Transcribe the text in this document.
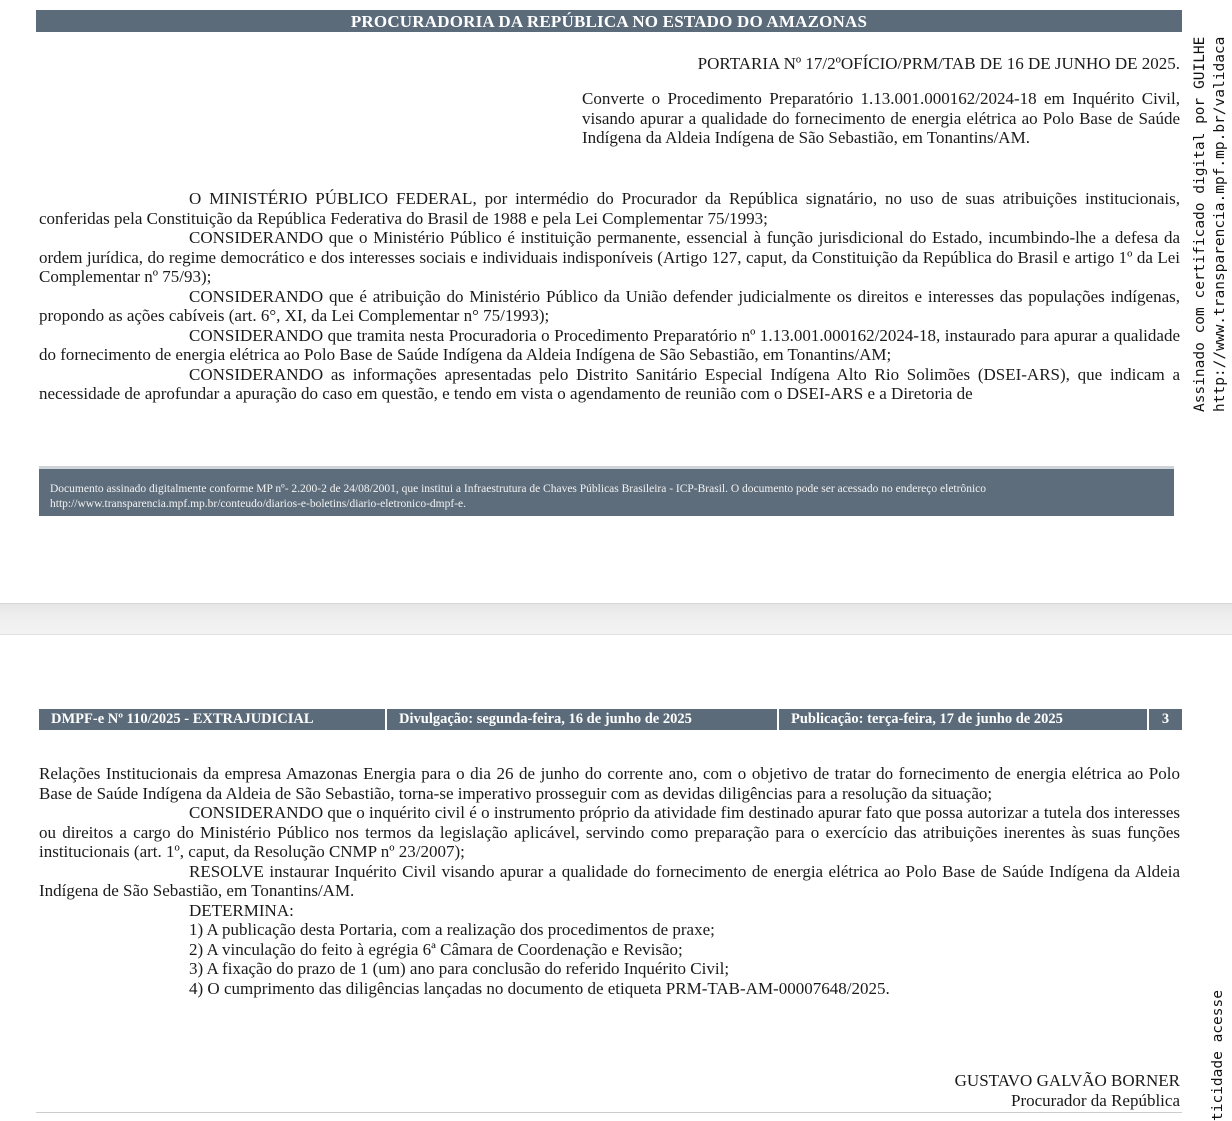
PROCURADORIA DA REPÚBLICA NO ESTADO DO AMAZONAS
PORTARIA Nº 17/2ºOFÍCIO/PRM/TAB DE 16 DE JUNHO DE 2025.

Converte o Procedimento Preparatório 1.13.001.000162/2024-18 em Inquérito Civil, visando apurar a qualidade do fornecimento de energia elétrica ao Polo Base de Saúde Indígena da Aldeia Indígena de São Sebastião, em Tonantins/AM.

O MINISTÉRIO PÚBLICO FEDERAL, por intermédio do Procurador da República signatário, no uso de suas atribuições institucionais, conferidas pela Constituição da República Federativa do Brasil de 1988 e pela Lei Complementar 75/1993;

CONSIDERANDO que o Ministério Público é instituição permanente, essencial à função jurisdicional do Estado, incumbindo-lhe a defesa da ordem jurídica, do regime democrático e dos interesses sociais e individuais indisponíveis (Artigo 127, caput, da Constituição da República do Brasil e artigo 1º da Lei Complementar nº 75/93);

CONSIDERANDO que é atribuição do Ministério Público da União defender judicialmente os direitos e interesses das populações indígenas, propondo as ações cabíveis (art. 6°, XI, da Lei Complementar n° 75/1993);

CONSIDERANDO que tramita nesta Procuradoria o Procedimento Preparatório nº 1.13.001.000162/2024-18, instaurado para apurar a qualidade do fornecimento de energia elétrica ao Polo Base de Saúde Indígena da Aldeia Indígena de São Sebastião, em Tonantins/AM;

CONSIDERANDO as informações apresentadas pelo Distrito Sanitário Especial Indígena Alto Rio Solimões (DSEI-ARS), que indicam a necessidade de aprofundar a apuração do caso em questão, e tendo em vista o agendamento de reunião com o DSEI-ARS e a Diretoria de

Documento assinado digitalmente conforme MP nº- 2.200-2 de 24/08/2001, que institui a Infraestrutura de Chaves Públicas Brasileira - ICP-Brasil. O documento pode ser acessado no endereço eletrônico http://www.transparencia.mpf.mp.br/conteudo/diarios-e-boletins/diario-eletronico-dmpf-e.
DMPF-e Nº 110/2025 - EXTRAJUDICIAL	Divulgação: segunda-feira, 16 de junho de 2025	Publicação: terça-feira, 17 de junho de 2025	3

Relações Institucionais da empresa Amazonas Energia para o dia 26 de junho do corrente ano, com o objetivo de tratar do fornecimento de energia elétrica ao Polo Base de Saúde Indígena da Aldeia de São Sebastião, torna-se imperativo prosseguir com as devidas diligências para a resolução da situação;

CONSIDERANDO que o inquérito civil é o instrumento próprio da atividade fim destinado apurar fato que possa autorizar a tutela dos interesses ou direitos a cargo do Ministério Público nos termos da legislação aplicável, servindo como preparação para o exercício das atribuições inerentes às suas funções institucionais (art. 1º, caput, da Resolução CNMP nº 23/2007);

RESOLVE instaurar Inquérito Civil visando apurar a qualidade do fornecimento de energia elétrica ao Polo Base de Saúde Indígena da Aldeia Indígena de São Sebastião, em Tonantins/AM.

DETERMINA:

1) A publicação desta Portaria, com a realização dos procedimentos de praxe;

2) A vinculação do feito à egrégia 6ª Câmara de Coordenação e Revisão;

3) A fixação do prazo de 1 (um) ano para conclusão do referido Inquérito Civil;

4) O cumprimento das diligências lançadas no documento de etiqueta PRM-TAB-AM-00007648/2025.

GUSTAVO GALVÃO BORNER
Procurador da República
Assinado com certificado digital por GUILHE http://www.transparencia.mpf.mp.br/validaca
ticidade acesse
